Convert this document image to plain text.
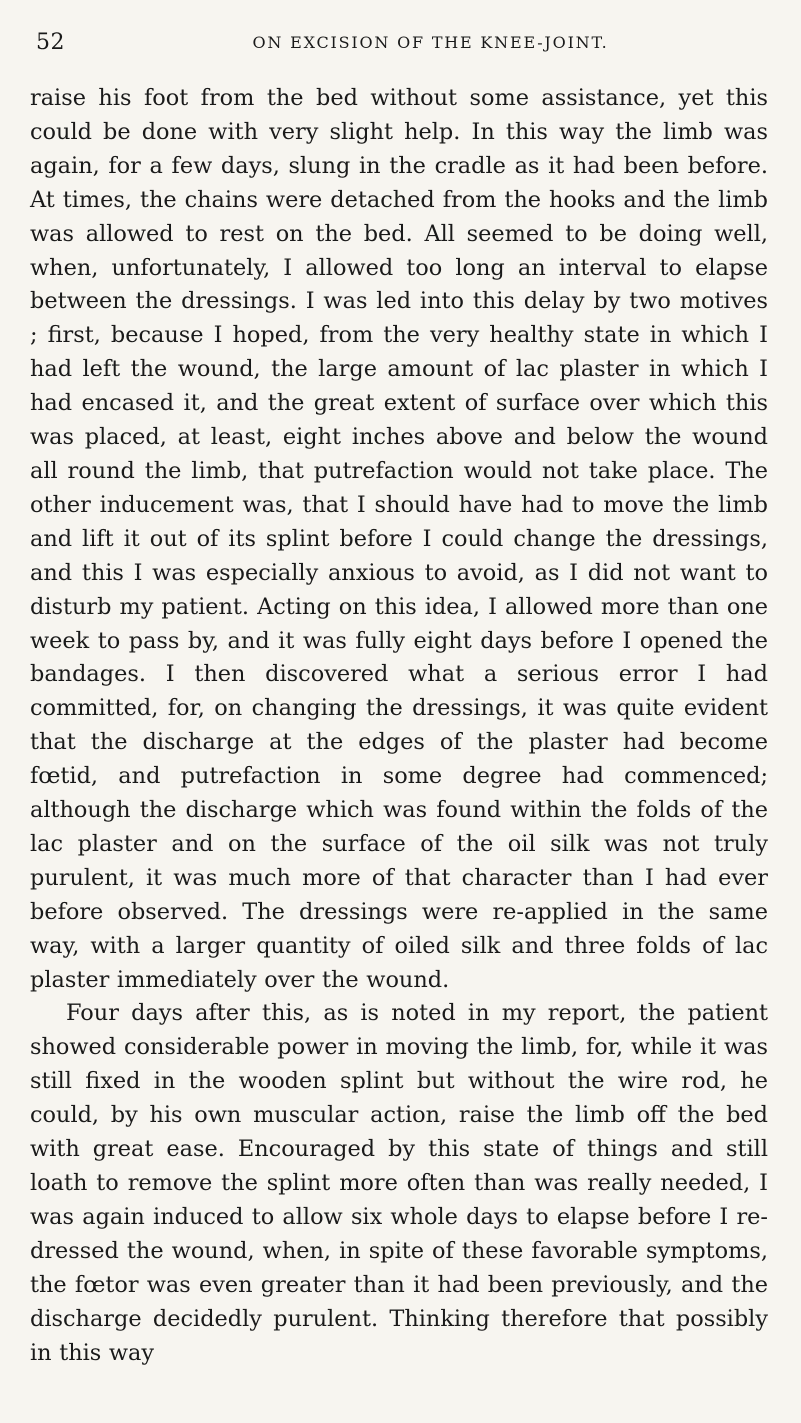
52	ON EXCISION OF THE KNEE-JOINT.

raise his foot from the bed without some assistance, yet this could be done with very slight help. In this way the limb was again, for a few days, slung in the cradle as it had been before. At times, the chains were detached from the hooks and the limb was allowed to rest on the bed. All seemed to be doing well, when, unfortunately, I allowed too long an interval to elapse between the dressings. I was led into this delay by two motives ; first, because I hoped, from the very healthy state in which I had left the wound, the large amount of lac plaster in which I had encased it, and the great extent of surface over which this was placed, at least, eight inches above and below the wound all round the limb, that putrefaction would not take place. The other inducement was, that I should have had to move the limb and lift it out of its splint before I could change the dressings, and this I was especially anxious to avoid, as I did not want to disturb my patient. Acting on this idea, I allowed more than one week to pass by, and it was fully eight days before I opened the bandages. I then discovered what a serious error I had committed, for, on changing the dressings, it was quite evident that the discharge at the edges of the plaster had become fœtid, and putrefaction in some degree had commenced; although the discharge which was found within the folds of the lac plaster and on the surface of the oil silk was not truly purulent, it was much more of that character than I had ever before observed. The dressings were re-applied in the same way, with a larger quantity of oiled silk and three folds of lac plaster immediately over the wound.

Four days after this, as is noted in my report, the patient showed considerable power in moving the limb, for, while it was still fixed in the wooden splint but without the wire rod, he could, by his own muscular action, raise the limb off the bed with great ease. Encouraged by this state of things and still loath to remove the splint more often than was really needed, I was again induced to allow six whole days to elapse before I re-dressed the wound, when, in spite of these favorable symptoms, the fœtor was even greater than it had been previously, and the discharge decidedly purulent. Thinking therefore that possibly in this way
